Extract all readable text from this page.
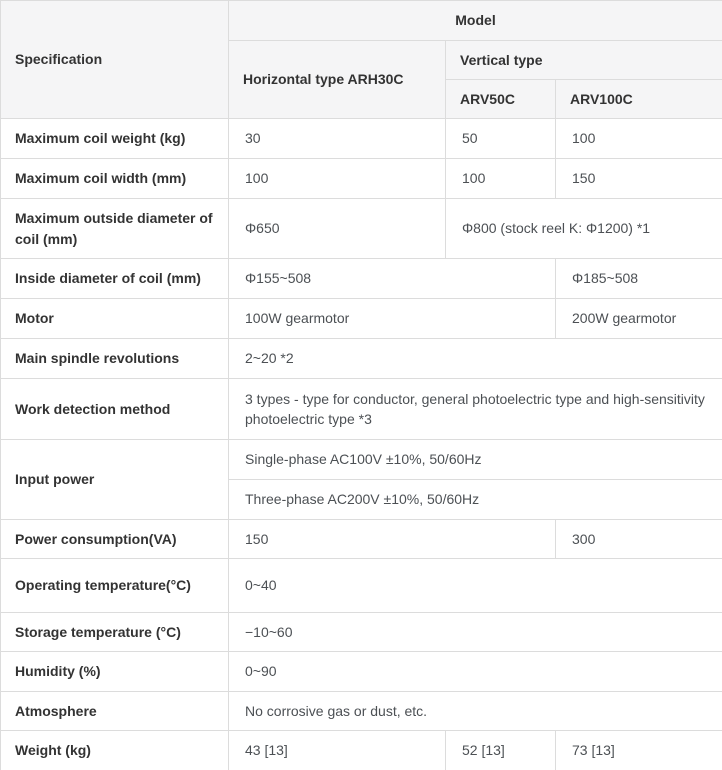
Specification	Model		
	Horizontal type ARH30C	Vertical type	
		ARV50C	ARV100C
Maximum coil weight (kg)	30	50	100
Maximum coil width (mm)	100	100	150
Maximum outside diameter of coil (mm)	Φ650	Φ800 (stock reel K: Φ1200) *1	
Inside diameter of coil (mm)	Φ155~508		Φ185~508
Motor	100W gearmotor		200W gearmotor
Main spindle revolutions	2~20 *2		
Work detection method	3 types - type for conductor, general photoelectric type and high-sensitivity photoelectric type *3		
Input power	Single-phase AC100V ±10%, 50/60Hz		
	Three-phase AC200V ±10%, 50/60Hz		
Power consumption(VA)	150		300
Operating temperature(°C)	0~40		
Storage temperature (°C)	−10~60		
Humidity (%)	0~90		
Atmosphere	No corrosive gas or dust, etc.		
Weight (kg)	43 [13]	52 [13]	73 [13]
